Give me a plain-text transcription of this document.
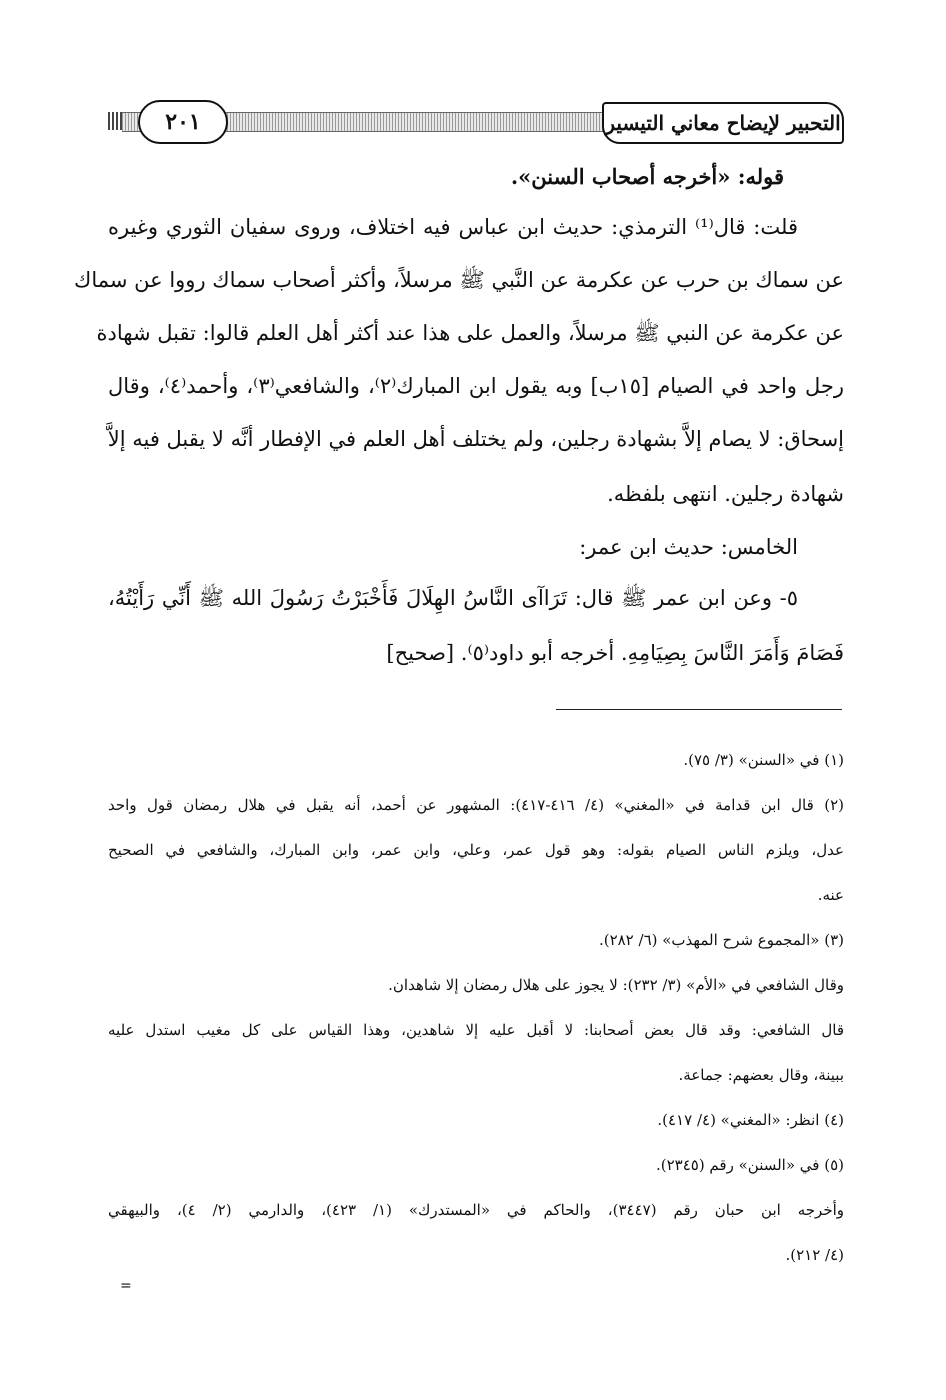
٢٠١	التحبير لإيضاح معاني التيسير
قوله: «أخرجه أصحاب السنن».
قلت: قال⁽¹⁾ الترمذي: حديث ابن عباس فيه اختلاف، وروى سفيان الثوري وغيره
عن سماك بن حرب عن عكرمة عن النَّبي ﷺ مرسلاً، وأكثر أصحاب سماك رووا عن سماك
عن عكرمة عن النبي ﷺ مرسلاً، والعمل على هذا عند أكثر أهل العلم قالوا: تقبل شهادة
رجل واحد في الصيام [١٥ب] وبه يقول ابن المبارك⁽٢⁾، والشافعي⁽٣⁾، وأحمد⁽٤⁾، وقال
إسحاق: لا يصام إلاَّ بشهادة رجلين، ولم يختلف أهل العلم في الإفطار أنَّه لا يقبل فيه إلاَّ
شهادة رجلين. انتهى بلفظه.
الخامس: حديث ابن عمر:
٥- وعن ابن عمر ﷺ قال: تَرَاآى النَّاسُ الهِلَالَ فَأَخْبَرْتُ رَسُولَ الله ﷺ أَنِّي رَأَيْتُهُ،
فَصَامَ وَأَمَرَ النَّاسَ بِصِيَامِهِ. أخرجه أبو داود⁽٥⁾. [صحيح]
(١) في «السنن» (٣/ ٧٥).
(٢) قال ابن قدامة في «المغني» (٤/ ٤١٦-٤١٧): المشهور عن أحمد، أنه يقبل في هلال رمضان قول واحد
عدل، ويلزم الناس الصيام بقوله: وهو قول عمر، وعلي، وابن عمر، وابن المبارك، والشافعي في الصحيح
عنه.
(٣) «المجموع شرح المهذب» (٦/ ٢٨٢).
وقال الشافعي في «الأم» (٣/ ٢٣٢): لا يجوز على هلال رمضان إلا شاهدان.
قال الشافعي: وقد قال بعض أصحابنا: لا أقبل عليه إلا شاهدين، وهذا القياس على كل مغيب استدل عليه
ببينة، وقال بعضهم: جماعة.
(٤) انظر: «المغني» (٤/ ٤١٧).
(٥) في «السنن» رقم (٢٣٤٥).
وأخرجه ابن حبان رقم (٣٤٤٧)، والحاكم في «المستدرك» (١/ ٤٢٣)، والدارمي (٢/ ٤)، والبيهقي
(٤/ ٢١٢).
=
